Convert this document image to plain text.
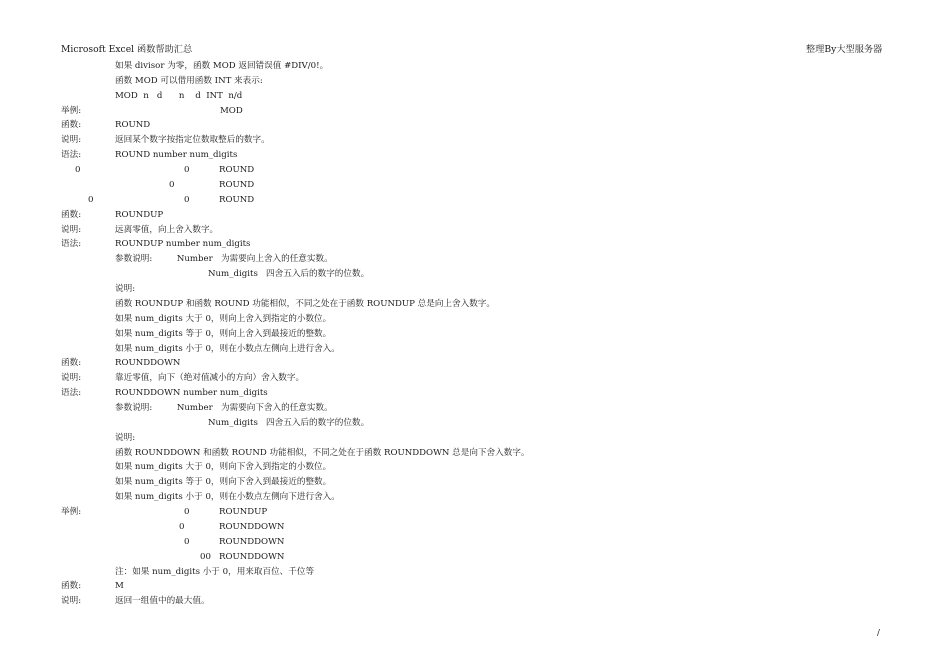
Microsoft Excel 函数帮助汇总	整理By大型服务器
如果 divisor 为零，函数 MOD 返回错误值 #DIV/0!。
函数 MOD 可以借用函数 INT 来表示:
MOD  n   d      n    d  INT  n/d
举例:	MOD
函数:	ROUND
说明:	返回某个数字按指定位数取整后的数字。
语法:	ROUND number num_digits
0	0	ROUND
0	ROUND
0	0	ROUND
函数:	ROUNDUP
说明:	远离零值，向上舍入数字。
语法:	ROUNDUP number num_digits
参数说明:         Number   为需要向上舍入的任意实数。
Num_digits   四舍五入后的数字的位数。
说明:
函数 ROUNDUP 和函数 ROUND 功能相似，不同之处在于函数 ROUNDUP 总是向上舍入数字。
如果 num_digits 大于 0，则向上舍入到指定的小数位。
如果 num_digits 等于 0，则向上舍入到最接近的整数。
如果 num_digits 小于 0，则在小数点左侧向上进行舍入。
函数:	ROUNDDOWN
说明:	靠近零值，向下（绝对值减小的方向）舍入数字。
语法:	ROUNDDOWN number num_digits
参数说明:         Number   为需要向下舍入的任意实数。
Num_digits   四舍五入后的数字的位数。
说明:
函数 ROUNDDOWN 和函数 ROUND 功能相似，不同之处在于函数 ROUNDDOWN 总是向下舍入数字。
如果 num_digits 大于 0，则向下舍入到指定的小数位。
如果 num_digits 等于 0，则向下舍入到最接近的整数。
如果 num_digits 小于 0，则在小数点左侧向下进行舍入。
举例:	0	ROUNDUP
0	ROUNDDOWN
0	ROUNDDOWN
00 ROUNDDOWN
注：如果 num_digits 小于 0，用来取百位、千位等
函数:	M
说明:	返回一组值中的最大值。
/
